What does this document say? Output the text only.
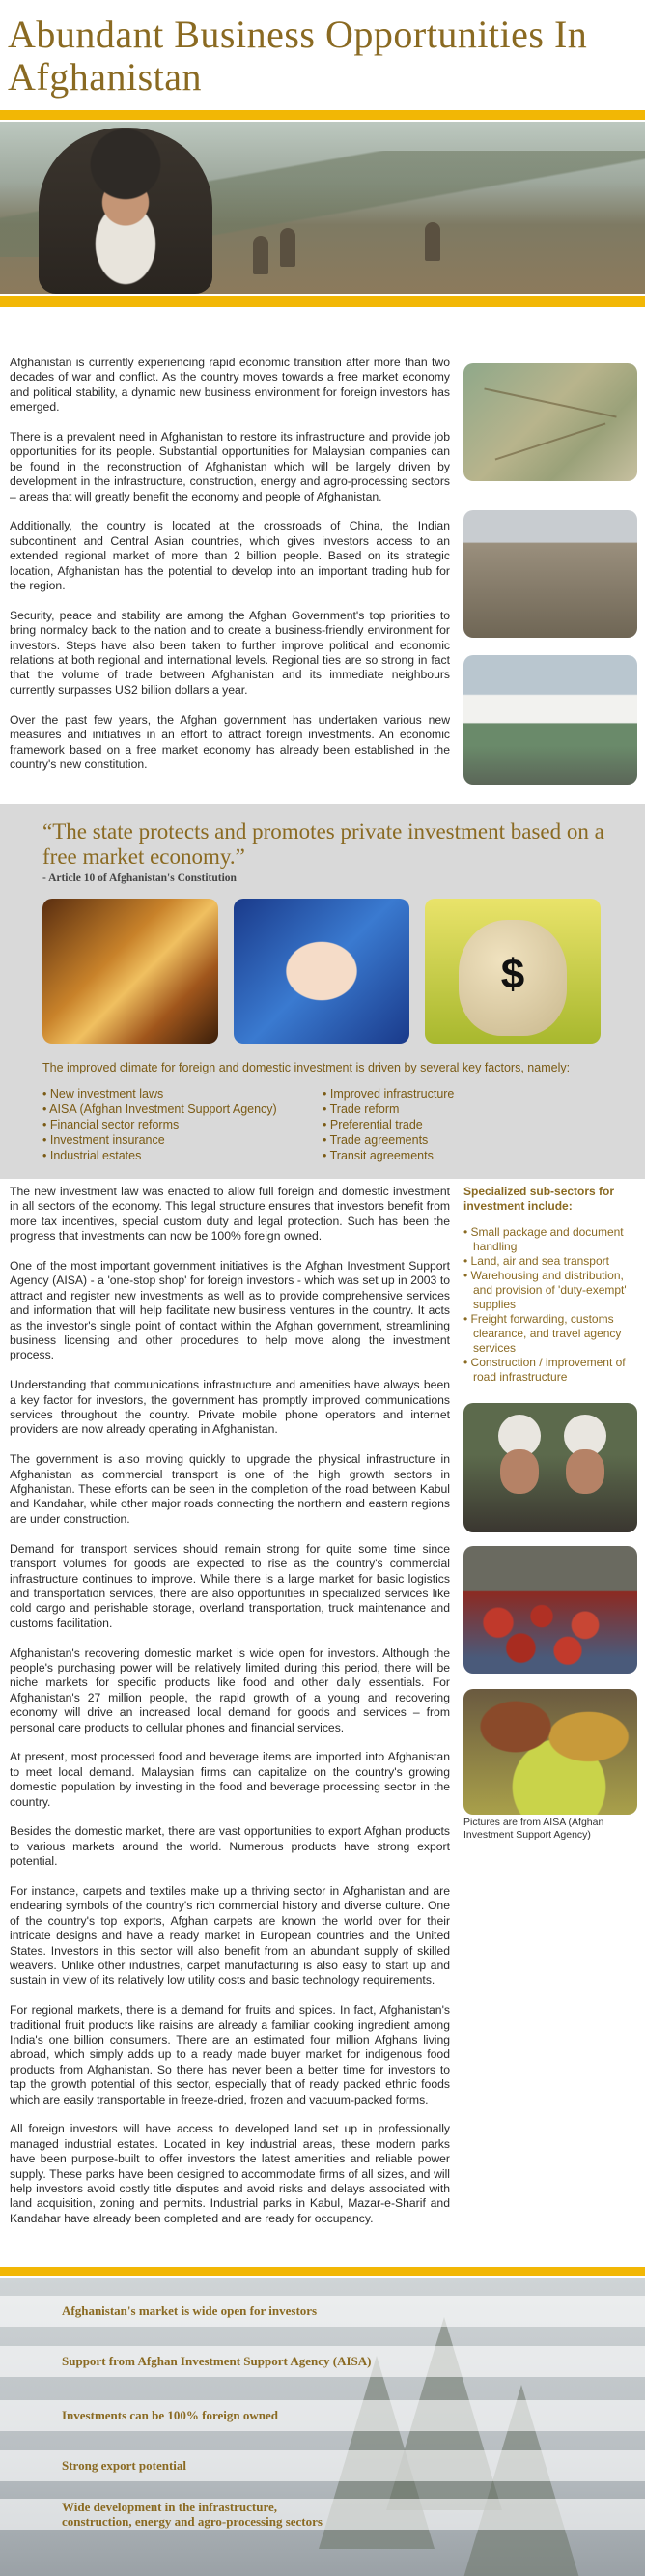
Abundant Business Opportunities In Afghanistan

Afghanistan is currently experiencing rapid economic transition after more than two decades of war and conflict. As the country moves towards a free market economy and political stability, a dynamic new business environment for foreign investors has emerged.

There is a prevalent need in Afghanistan to restore its infrastructure and provide job opportunities for its people. Substantial opportunities for Malaysian companies can be found in the reconstruction of Afghanistan which will be largely driven by development in the infrastructure, construction, energy and agro-processing sectors – areas that will greatly benefit the economy and people of Afghanistan.

Additionally, the country is located at the crossroads of China, the Indian subcontinent and Central Asian countries, which gives investors access to an extended regional market of more than 2 billion people. Based on its strategic location, Afghanistan has the potential to develop into an important trading hub for the region.

Security, peace and stability are among the Afghan Government's top priorities to bring normalcy back to the nation and to create a business-friendly environment for investors. Steps have also been taken to further improve political and economic relations at both regional and international levels. Regional ties are so strong in fact that the volume of trade between Afghanistan and its immediate neighbours currently surpasses US2 billion dollars a year.

Over the past few years, the Afghan government has undertaken various new measures and initiatives in an effort to attract foreign investments. An economic framework based on a free market economy has already been established in the country's new constitution.

“The state protects and promotes private investment based on a free market economy.”
- Article 10 of Afghanistan's Constitution
$
The improved climate for foreign and domestic investment is driven by several key factors, namely:
• New investment laws
• AISA (Afghan Investment Support Agency)
• Financial sector reforms
• Investment insurance
• Industrial estates
• Improved infrastructure
• Trade reform
• Preferential trade
• Trade agreements
• Transit agreements

The new investment law was enacted to allow full foreign and domestic investment in all sectors of the economy. This legal structure ensures that investors benefit from more tax incentives, special custom duty and legal protection. Such has been the progress that investments can now be 100% foreign owned.

One of the most important government initiatives is the Afghan Investment Support Agency (AISA) - a 'one-stop shop' for foreign investors - which was set up in 2003 to attract and register new investments as well as to provide comprehensive services and information that will help facilitate new business ventures in the country. It acts as the investor's single point of contact within the Afghan government, streamlining business licensing and other procedures to help move along the investment process.

Understanding that communications infrastructure and amenities have always been a key factor for investors, the government has promptly improved communications services throughout the country. Private mobile phone operators and internet providers are now already operating in Afghanistan.

The government is also moving quickly to upgrade the physical infrastructure in Afghanistan as commercial transport is one of the high growth sectors in Afghanistan. These efforts can be seen in the completion of the road between Kabul and Kandahar, while other major roads connecting the northern and eastern regions are under construction.

Demand for transport services should remain strong for quite some time since transport volumes for goods are expected to rise as the country's commercial infrastructure continues to improve. While there is a large market for basic logistics and transportation services, there are also opportunities in specialized services like cold cargo and perishable storage, overland transportation, truck maintenance and customs facilitation.

Afghanistan's recovering domestic market is wide open for investors. Although the people's purchasing power will be relatively limited during this period, there will be niche markets for specific products like food and other daily essentials. For Afghanistan's 27 million people, the rapid growth of a young and recovering economy will drive an increased local demand for goods and services – from personal care products to cellular phones and financial services.

At present, most processed food and beverage items are imported into Afghanistan to meet local demand. Malaysian firms can capitalize on the country's growing domestic population by investing in the food and beverage processing sector in the country.

Besides the domestic market, there are vast opportunities to export Afghan products to various markets around the world. Numerous products have strong export potential.

For instance, carpets and textiles make up a thriving sector in Afghanistan and are endearing symbols of the country's rich commercial history and diverse culture. One of the country's top exports, Afghan carpets are known the world over for their intricate designs and have a ready market in European countries and the United States. Investors in this sector will also benefit from an abundant supply of skilled weavers. Unlike other industries, carpet manufacturing is also easy to start up and sustain in view of its relatively low utility costs and basic technology requirements.

For regional markets, there is a demand for fruits and spices. In fact, Afghanistan's traditional fruit products like raisins are already a familiar cooking ingredient among India's one billion consumers. There are an estimated four million Afghans living abroad, which simply adds up to a ready made buyer market for indigenous food products from Afghanistan. So there has never been a better time for investors to tap the growth potential of this sector, especially that of ready packed ethnic foods which are easily transportable in freeze-dried, frozen and vacuum-packed forms.

All foreign investors will have access to developed land set up in professionally managed industrial estates. Located in key industrial areas, these modern parks have been purpose-built to offer investors the latest amenities and reliable power supply. These parks have been designed to accommodate firms of all sizes, and will help investors avoid costly title disputes and avoid risks and delays associated with land acquisition, zoning and permits. Industrial parks in Kabul, Mazar-e-Sharif and Kandahar have already been completed and are ready for occupancy.

Specialized sub-sectors for investment include:
• Small package and document handling
• Land, air and sea transport
• Warehousing and distribution, and provision of 'duty-exempt' supplies
• Freight forwarding, customs clearance, and travel agency services
• Construction / improvement of road infrastructure
Pictures are from AISA (Afghan Investment Support Agency)
Afghanistan's market is wide open for investors
Support from Afghan Investment Support Agency (AISA)
Investments can be 100% foreign owned
Strong export potential
Wide development in the infrastructure,
construction, energy and agro-processing sectors
